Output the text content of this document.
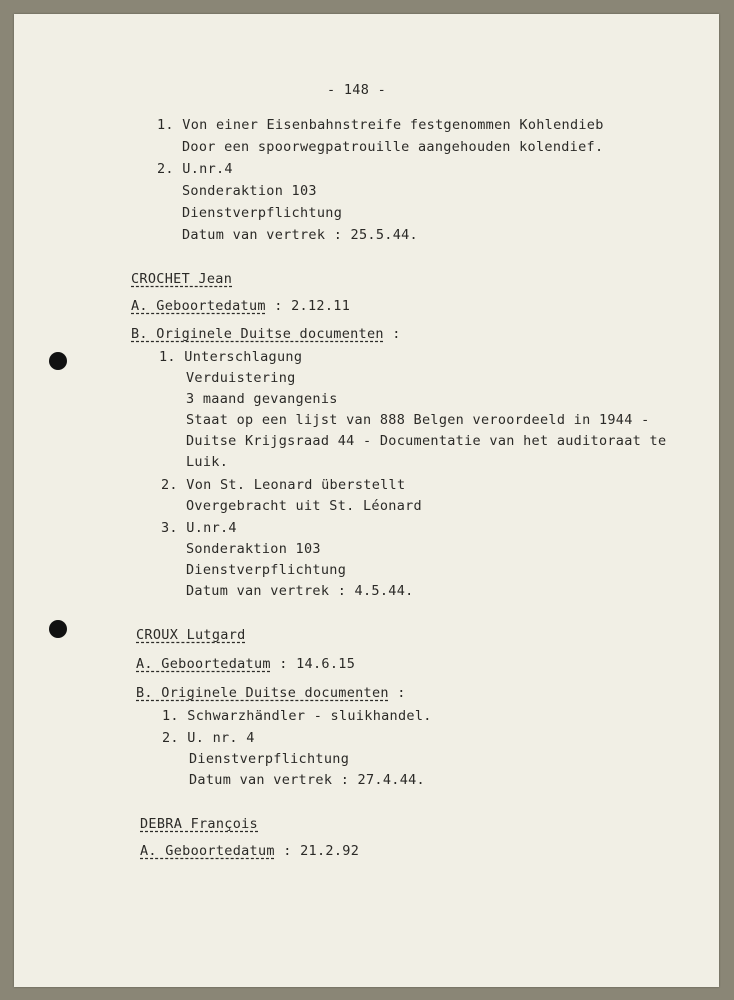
- 148 -
1. Von einer Eisenbahnstreife festgenommen Kohlendieb
Door een spoorwegpatrouille aangehouden kolendief.
2. U.nr.4
Sonderaktion 103
Dienstverpflichtung
Datum van vertrek : 25.5.44.
CROCHET Jean
A. Geboortedatum : 2.12.11
B. Originele Duitse documenten :
1. Unterschlagung
Verduistering
3 maand gevangenis
Staat op een lijst van 888 Belgen veroordeeld in 1944 -
Duitse Krijgsraad 44 - Documentatie van het auditoraat te
Luik.
2. Von St. Leonard überstellt
Overgebracht uit St. Léonard
3. U.nr.4
Sonderaktion 103
Dienstverpflichtung
Datum van vertrek : 4.5.44.
CROUX Lutgard
A. Geboortedatum : 14.6.15
B. Originele Duitse documenten :
1. Schwarzhändler - sluikhandel.
2. U. nr. 4
Dienstverpflichtung
Datum van vertrek : 27.4.44.
DEBRA François
A. Geboortedatum : 21.2.92
